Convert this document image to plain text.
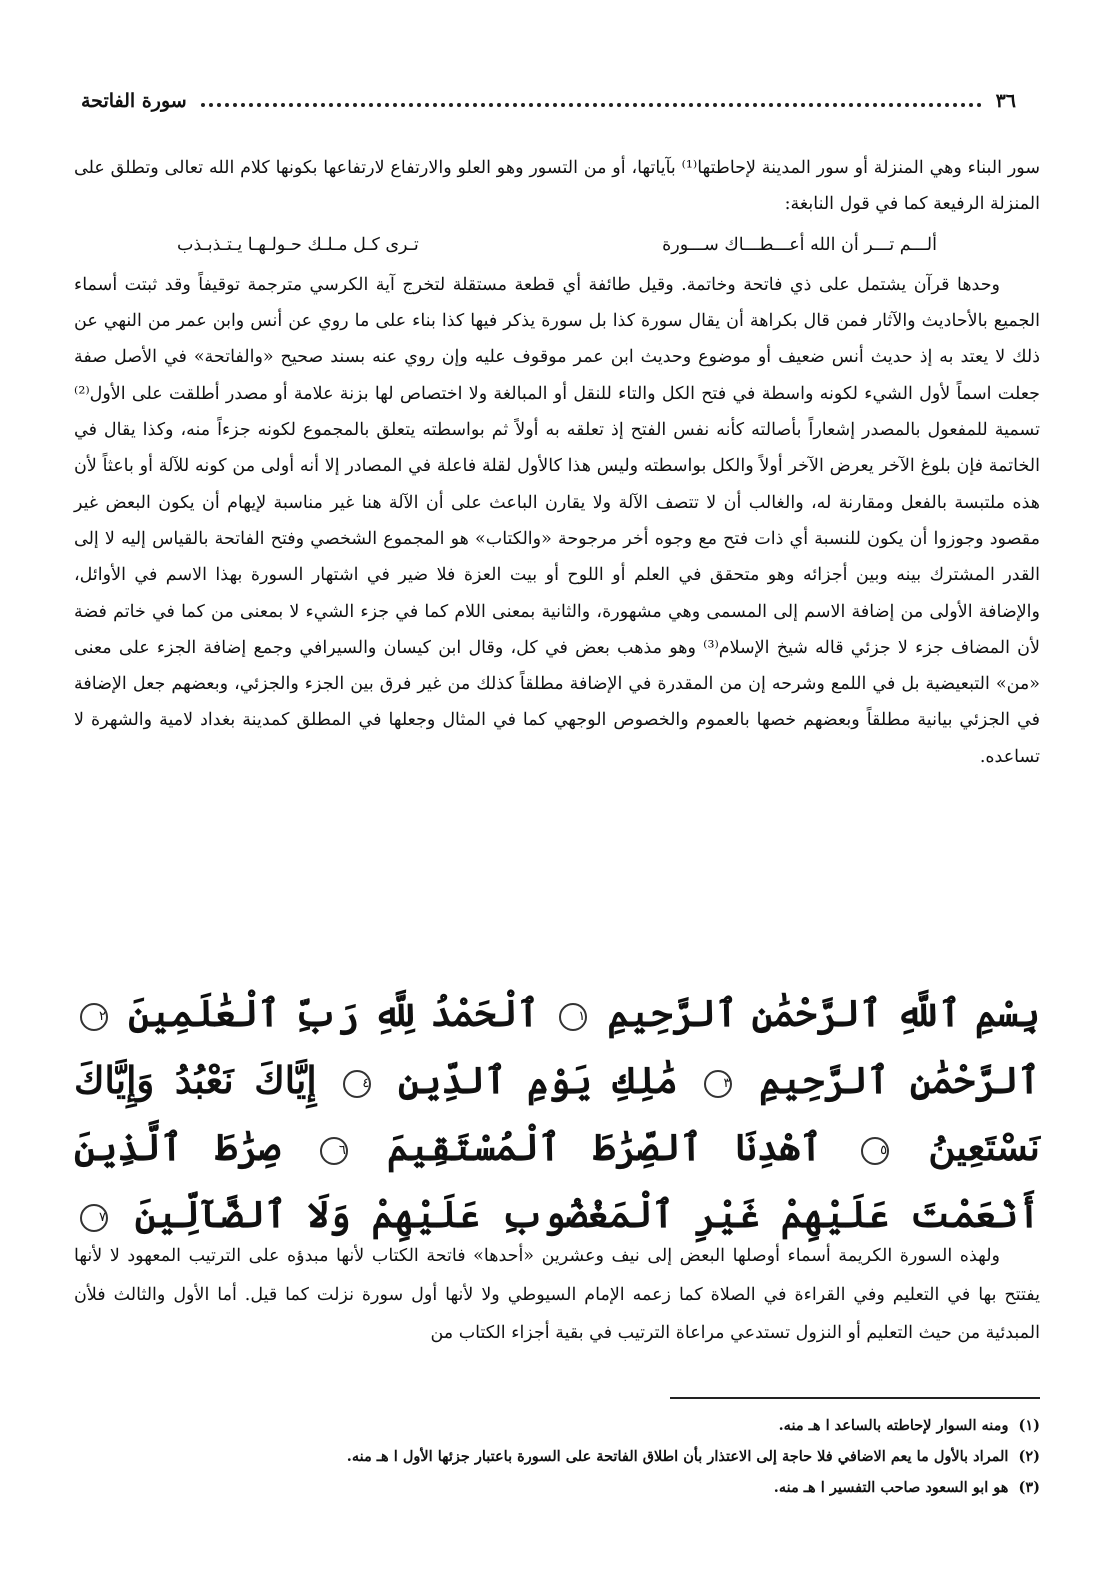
٣٦
سورة الفاتحة

سور البناء وهي المنزلة أو سور المدينة لإحاطتها⁽¹⁾ بآياتها، أو من التسور وهو العلو والارتفاع لارتفاعها بكونها كلام الله تعالى وتطلق على المنزلة الرفيعة كما في قول النابغة:

ألـــم تـــر أن الله أعـــطـــاك ســـورة
تـرى كـل مـلـك حـولـهـا يـتـذبـذب

وحدها قرآن يشتمل على ذي فاتحة وخاتمة. وقيل طائفة أي قطعة مستقلة لتخرج آية الكرسي مترجمة توقيفاً وقد ثبتت أسماء الجميع بالأحاديث والآثار فمن قال بكراهة أن يقال سورة كذا بل سورة يذكر فيها كذا بناء على ما روي عن أنس وابن عمر من النهي عن ذلك لا يعتد به إذ حديث أنس ضعيف أو موضوع وحديث ابن عمر موقوف عليه وإن روي عنه بسند صحيح «والفاتحة» في الأصل صفة جعلت اسماً لأول الشيء لكونه واسطة في فتح الكل والتاء للنقل أو المبالغة ولا اختصاص لها بزنة علامة أو مصدر أطلقت على الأول⁽²⁾ تسمية للمفعول بالمصدر إشعاراً بأصالته كأنه نفس الفتح إذ تعلقه به أولاً ثم بواسطته يتعلق بالمجموع لكونه جزءاً منه، وكذا يقال في الخاتمة فإن بلوغ الآخر يعرض الآخر أولاً والكل بواسطته وليس هذا كالأول لقلة فاعلة في المصادر إلا أنه أولى من كونه للآلة أو باعثاً لأن هذه ملتبسة بالفعل ومقارنة له، والغالب أن لا تتصف الآلة ولا يقارن الباعث على أن الآلة هنا غير مناسبة لإيهام أن يكون البعض غير مقصود وجوزوا أن يكون للنسبة أي ذات فتح مع وجوه أخر مرجوحة «والكتاب» هو المجموع الشخصي وفتح الفاتحة بالقياس إليه لا إلى القدر المشترك بينه وبين أجزائه وهو متحقق في العلم أو اللوح أو بيت العزة فلا ضير في اشتهار السورة بهذا الاسم في الأوائل، والإضافة الأولى من إضافة الاسم إلى المسمى وهي مشهورة، والثانية بمعنى اللام كما في جزء الشيء لا بمعنى من كما في خاتم فضة لأن المضاف جزء لا جزئي قاله شيخ الإسلام⁽³⁾ وهو مذهب بعض في كل، وقال ابن كيسان والسيرافي وجمع إضافة الجزء على معنى «من» التبعيضية بل في اللمع وشرحه إن من المقدرة في الإضافة مطلقاً كذلك من غير فرق بين الجزء والجزئي، وبعضهم جعل الإضافة في الجزئي بيانية مطلقاً وبعضهم خصها بالعموم والخصوص الوجهي كما في المثال وجعلها في المطلق كمدينة بغداد لامية والشهرة لا تساعده.

بِسْمِ ٱللَّهِ ٱلرَّحْمَٰنِ ٱلرَّحِيمِ ١ ٱلْحَمْدُ لِلَّهِ رَبِّ ٱلْعَٰلَمِينَ ٢ ٱلرَّحْمَٰنِ ٱلرَّحِيمِ ٣ مَٰلِكِ يَوْمِ ٱلدِّينِ ٤ إِيَّاكَ نَعْبُدُ وَإِيَّاكَ نَسْتَعِينُ ٥ ٱهْدِنَا ٱلصِّرَٰطَ ٱلْمُسْتَقِيمَ ٦ صِرَٰطَ ٱلَّذِينَ أَنْعَمْتَ عَلَيْهِمْ غَيْرِ ٱلْمَغْضُوبِ عَلَيْهِمْ وَلَا ٱلضَّآلِّينَ ٧

ولهذه السورة الكريمة أسماء أوصلها البعض إلى نيف وعشرين «أحدها» فاتحة الكتاب لأنها مبدؤه على الترتيب المعهود لا لأنها يفتتح بها في التعليم وفي القراءة في الصلاة كما زعمه الإمام السيوطي ولا لأنها أول سورة نزلت كما قيل. أما الأول والثالث فلأن المبدئية من حيث التعليم أو النزول تستدعي مراعاة الترتيب في بقية أجزاء الكتاب من

(١)
ومنه السوار لإحاطته بالساعد ا هـ منه.
(٢)
المراد بالأول ما يعم الاضافي فلا حاجة إلى الاعتذار بأن اطلاق الفاتحة على السورة باعتبار جزئها الأول ا هـ منه.
(٣)
هو ابو السعود صاحب التفسير ا هـ منه.
